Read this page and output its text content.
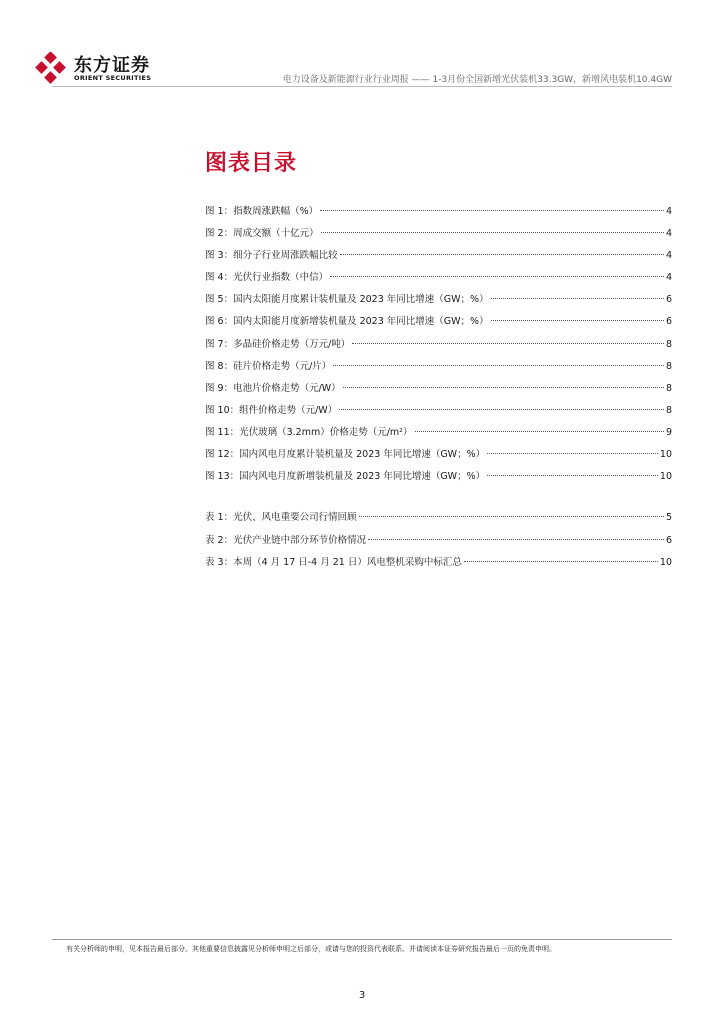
东方证券
ORIENT SECURITIES	电力设备及新能源行业行业周报 —— 1-3月份全国新增光伏装机33.3GW，新增风电装机10.4GW
图表目录
图 1：指数周涨跌幅（%）	4
图 2：周成交额（十亿元）	4
图 3：细分子行业周涨跌幅比较	4
图 4：光伏行业指数（中信）	4
图 5：国内太阳能月度累计装机量及 2023 年同比增速（GW；%）	6
图 6：国内太阳能月度新增装机量及 2023 年同比增速（GW；%）	6
图 7：多晶硅价格走势（万元/吨）	8
图 8：硅片价格走势（元/片）	8
图 9：电池片价格走势（元/W）	8
图 10：组件价格走势（元/W）	8
图 11：光伏玻璃（3.2mm）价格走势（元/m²）	9
图 12：国内风电月度累计装机量及 2023 年同比增速（GW；%）	10
图 13：国内风电月度新增装机量及 2023 年同比增速（GW；%）	10
表 1：光伏、风电重要公司行情回顾	5
表 2：光伏产业链中部分环节价格情况	6
表 3：本周（4 月 17 日-4 月 21 日）风电整机采购中标汇总	10
有关分析师的申明，见本报告最后部分。其他重要信息披露见分析师申明之后部分，或请与您的投资代表联系。并请阅读本证券研究报告最后一页的免责申明。
3
